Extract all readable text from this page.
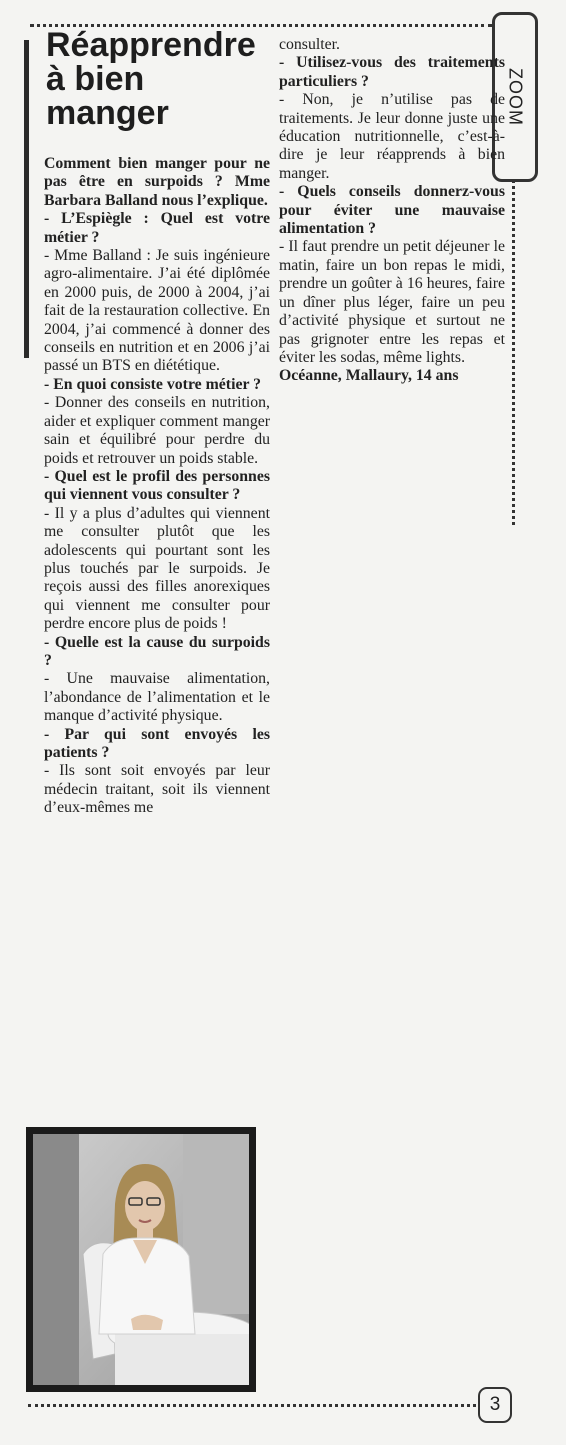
ZOOM
Réapprendre à bien manger

Comment bien manger pour ne pas être en surpoids ? Mme Barbara Balland nous l’explique.

- L’Espiègle : Quel est votre métier ?

- Mme Balland : Je suis ingénieure agro-alimentaire. J’ai été diplômée en 2000 puis, de 2000 à 2004, j’ai fait de la restauration collective. En 2004, j’ai commencé à donner des conseils en nutrition et en 2006 j’ai passé un BTS en diététique.

- En quoi consiste votre métier ?

- Donner des conseils en nutrition, aider et expliquer comment manger sain et équilibré pour perdre du poids et retrouver un poids stable.

- Quel est le profil des personnes qui viennent vous consulter ?

- Il y a plus d’adultes qui viennent me consulter plutôt que les adolescents qui pourtant sont les plus touchés par le surpoids. Je reçois aussi des filles anorexiques qui viennent me consulter pour perdre encore plus de poids !

- Quelle est la cause du surpoids ?

- Une mauvaise alimentation, l’abondance de l’alimentation et le manque d’activité physique.

- Par qui sont envoyés les patients ?

- Ils sont soit envoyés par leur médecin traitant, soit ils viennent d’eux-mêmes me

consulter.

- Utilisez-vous des traitements particuliers ?

- Non, je n’utilise pas de traitements. Je leur donne juste une éducation nutritionnelle, c’est-à-dire je leur réapprends à bien manger.

- Quels conseils donnerz-vous pour éviter une mauvaise alimentation ?

- Il faut prendre un petit déjeuner le matin, faire un bon repas le midi, prendre un goûter à 16 heures, faire un dîner plus léger, faire un peu d’activité physique et surtout ne pas grignoter entre les repas et éviter les sodas, même lights.

Océanne, Mallaury, 14 ans

3
